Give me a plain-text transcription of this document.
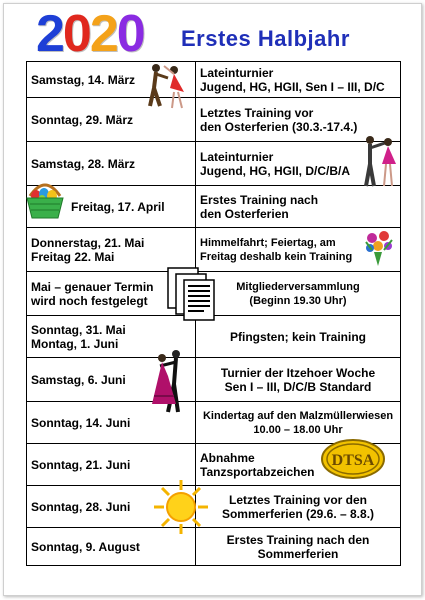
2 0 2 0 Erstes Halbjahr
Samstag, 14. März	Lateinturnier
Jugend, HG, HGII, Sen I – III, D/C

Sonntag, 29. März	Letztes Training vor
den Osterferien (30.3.-17.4.)

Samstag, 28. März	Lateinturnier
Jugend, HG, HGII, D/C/B/A

Freitag, 17. April	Erstes Training nach
den Osterferien

Donnerstag, 21. Mai
Freitag 22. Mai	Himmelfahrt; Feiertag, am
Freitag deshalb kein Training

Mai – genauer Termin
wird noch festgelegt	Mitgliederversammlung
(Beginn 19.30 Uhr)

Sonntag, 31. Mai
Montag, 1. Juni	Pfingsten; kein Training

Samstag, 6. Juni	Turnier der Itzehoer Woche
Sen I – III, D/C/B Standard

Sonntag, 14. Juni	Kindertag auf den Malzmüllerwiesen
10.00 – 18.00 Uhr

Sonntag, 21. Juni	Abnahme
Tanzsportabzeichen

Sonntag, 28. Juni	Letztes Training vor den
Sommerferien (29.6. – 8.8.)

Sonntag, 9. August	Erstes Training nach den
Sommerferien
DTSA
